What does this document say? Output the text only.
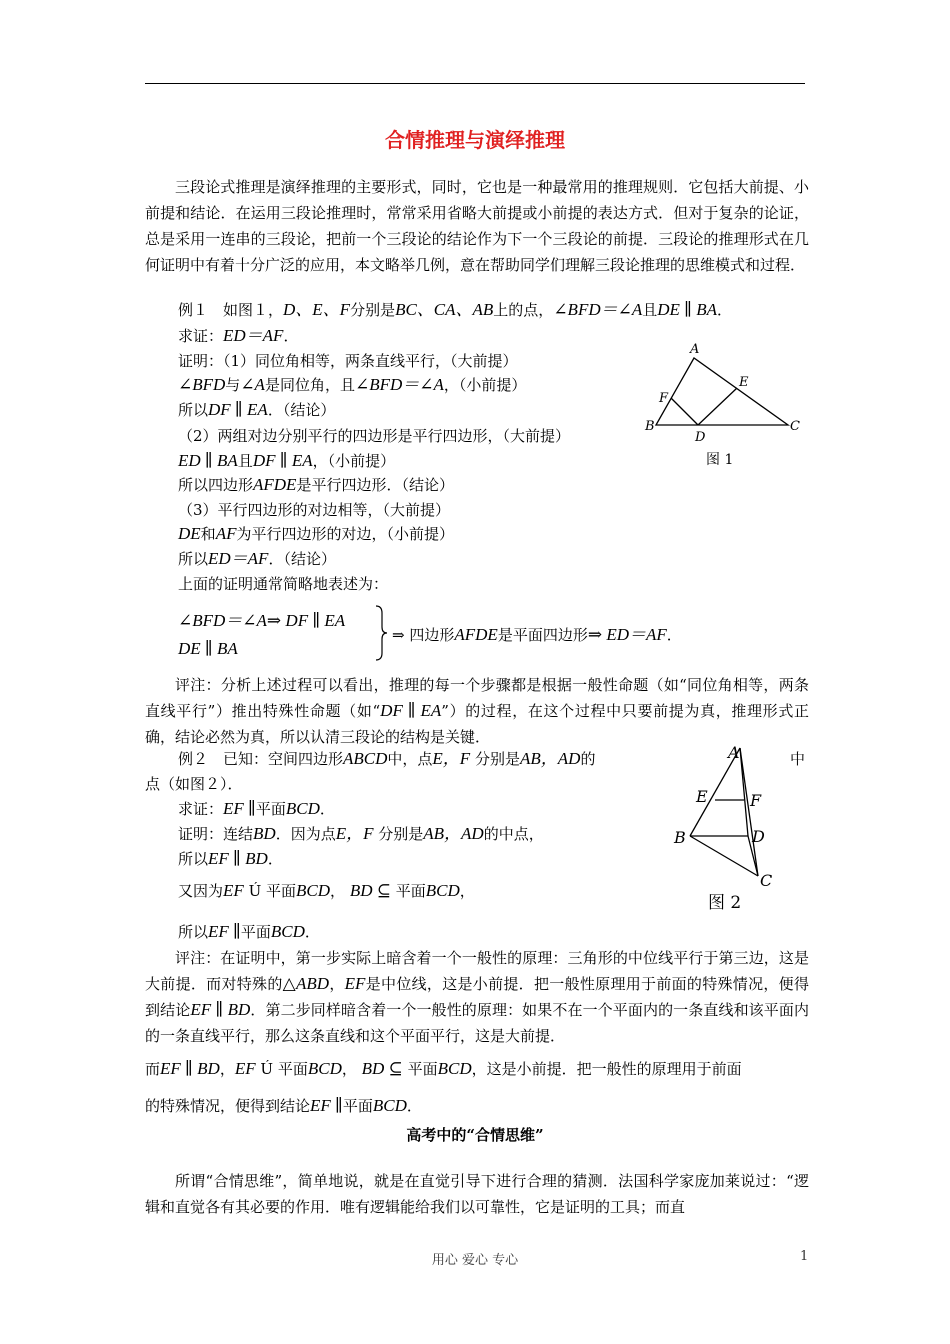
合情推理与演绎推理

三段论式推理是演绎推理的主要形式，同时，它也是一种最常用的推理规则．它包括大前提、小前提和结论．在运用三段论推理时，常常采用省略大前提或小前提的表达方式．但对于复杂的论证，总是采用一连串的三段论，把前一个三段论的结论作为下一个三段论的前提．三段论的推理形式在几何证明中有着十分广泛的应用，本文略举几例，意在帮助同学们理解三段论推理的思维模式和过程．

例１　如图１，D、E、F分别是BC、CA、AB上的点，∠BFD＝∠A且DE ∥ BA．
求证：ED＝AF．
证明：（1）同位角相等，两条直线平行，（大前提）
∠BFD与∠A是同位角，且∠BFD＝∠A，（小前提）
所以DF ∥ EA．（结论）
（2）两组对边分别平行的四边形是平行四边形，（大前提）
ED ∥ BA且DF ∥ EA，（小前提）
所以四边形AFDE是平行四边形．（结论）
（3）平行四边形的对边相等，（大前提）
DE和AF为平行四边形的对边，（小前提）
所以ED＝AF．（结论）
上面的证明通常简略地表述为：
∠BFD＝∠A⇒ DF ∥ EA
DE ∥ BA
⇒ 四边形AFDE是平面四边形⇒ ED＝AF．

评注：分析上述过程可以看出，推理的每一个步骤都是根据一般性命题（如“同位角相等，两条直线平行”）推出特殊性命题（如“DF ∥ EA”）的过程，在这个过程中只要前提为真，推理形式正确，结论必然为真，所以认清三段论的结构是关键．

A
B	C
D
E
F
图 1
例２　已知：空间四边形ABCD中，点E，F 分别是AB，AD的	中
点（如图２）．
求证：EF ∥平面BCD．
证明：连结BD．因为点E，F 分别是AB，AD的中点，
所以EF ∥ BD．
又因为EF Ú 平面BCD， BD ⊆ 平面BCD，
所以EF ∥平面BCD．

评注：在证明中，第一步实际上暗含着一个一般性的原理：三角形的中位线平行于第三边，这是大前提．而对特殊的△ABD，EF是中位线，这是小前提．把一般性原理用于前面的特殊情况，便得到结论EF ∥ BD．第二步同样暗含着一个一般性的原理：如果不在一个平面内的一条直线和该平面内的一条直线平行，那么这条直线和这个平面平行，这是大前提．

而EF ∥ BD，EF Ú 平面BCD， BD ⊆ 平面BCD，这是小前提．把一般性的原理用于前面
的特殊情况，便得到结论EF ∥平面BCD．
A
B
C
D
E	F
图 2
高考中的“合情思维”

所谓“合情思维”，简单地说，就是在直觉引导下进行合理的猜测．法国科学家庞加莱说过：“逻辑和直觉各有其必要的作用．唯有逻辑能给我们以可靠性，它是证明的工具；而直

用心 爱心 专心	1
